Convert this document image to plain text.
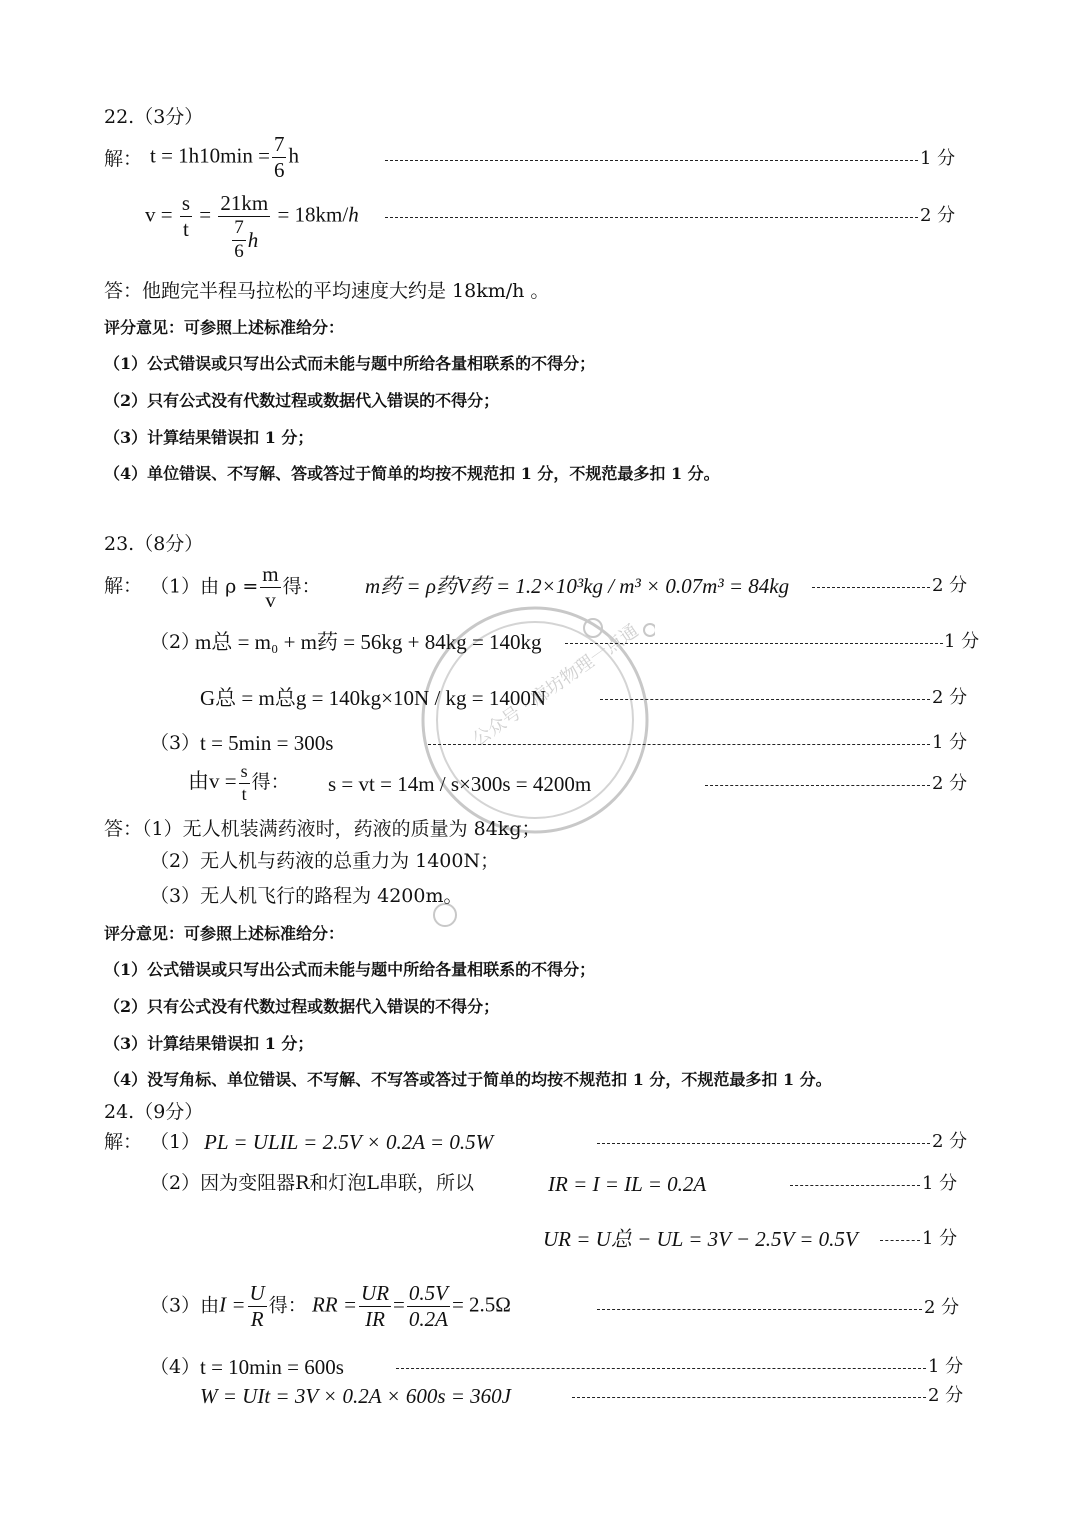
公众号 · 廊坊物理一点通
22.（3分）
解： $t = 1h10\min = \frac{7}{6}$ h	1 分
$v = \frac{s}{t} = \frac{21km}{\frac{7}{6} h} = 18km/h$	2 分
答：他跑完半程马拉松的平均速度大约是 18km/h 。
评分意见：可参照上述标准给分：
（1）公式错误或只写出公式而未能与题中所给各量相联系的不得分；
（2）只有公式没有代数过程或数据代入错误的不得分；
（3）计算结果错误扣 1 分；
（4）单位错误、不写解、答或答过于简单的均按不规范扣 1 分，不规范最多扣 1 分。
23.（8分）
解： （1）由 $\rho = \frac{m}{v}$ 得： m药 = ρ药V药 = 1.2×10³kg / m³ × 0.07m³ = 84kg	2 分
（2）
m总 = m₀ + m药 = 56kg + 84kg = 140kg	1 分
G总 = m总g = 140kg×10N / kg = 1400N	2 分
（3） t = 5min = 300s	1 分
由$v = \frac{s}{t}$ 得： s = vt = 14m / s×300s = 4200m	2 分
答：（1）无人机装满药液时，药液的质量为 84kg；
（2）无人机与药液的总重力为 1400N；
（3）无人机飞行的路程为 4200m。
评分意见：可参照上述标准给分：
（1）公式错误或只写出公式而未能与题中所给各量相联系的不得分；
（2）只有公式没有代数过程或数据代入错误的不得分；
（3）计算结果错误扣 1 分；
（4）没写角标、单位错误、不写解、不写答或答过于简单的均按不规范扣 1 分，不规范最多扣 1 分。
24.（9分）
解： （1） PL = ULIL = 2.5V × 0.2A = 0.5W	2 分
（2）因为变阻器R和灯泡L串联，所以	IR = I = IL = 0.2A	1 分
UR = U总 − UL = 3V − 2.5V = 0.5V	1 分
（3）由$I = \frac{U}{R}$ 得： RR = $\frac{UR}{IR} = \frac{0.5V}{0.2A} = 2.5\Omega$	2 分
（4） t = 10min = 600s	1 分
W = UIt = 3V × 0.2A × 600s = 360J	2 分
